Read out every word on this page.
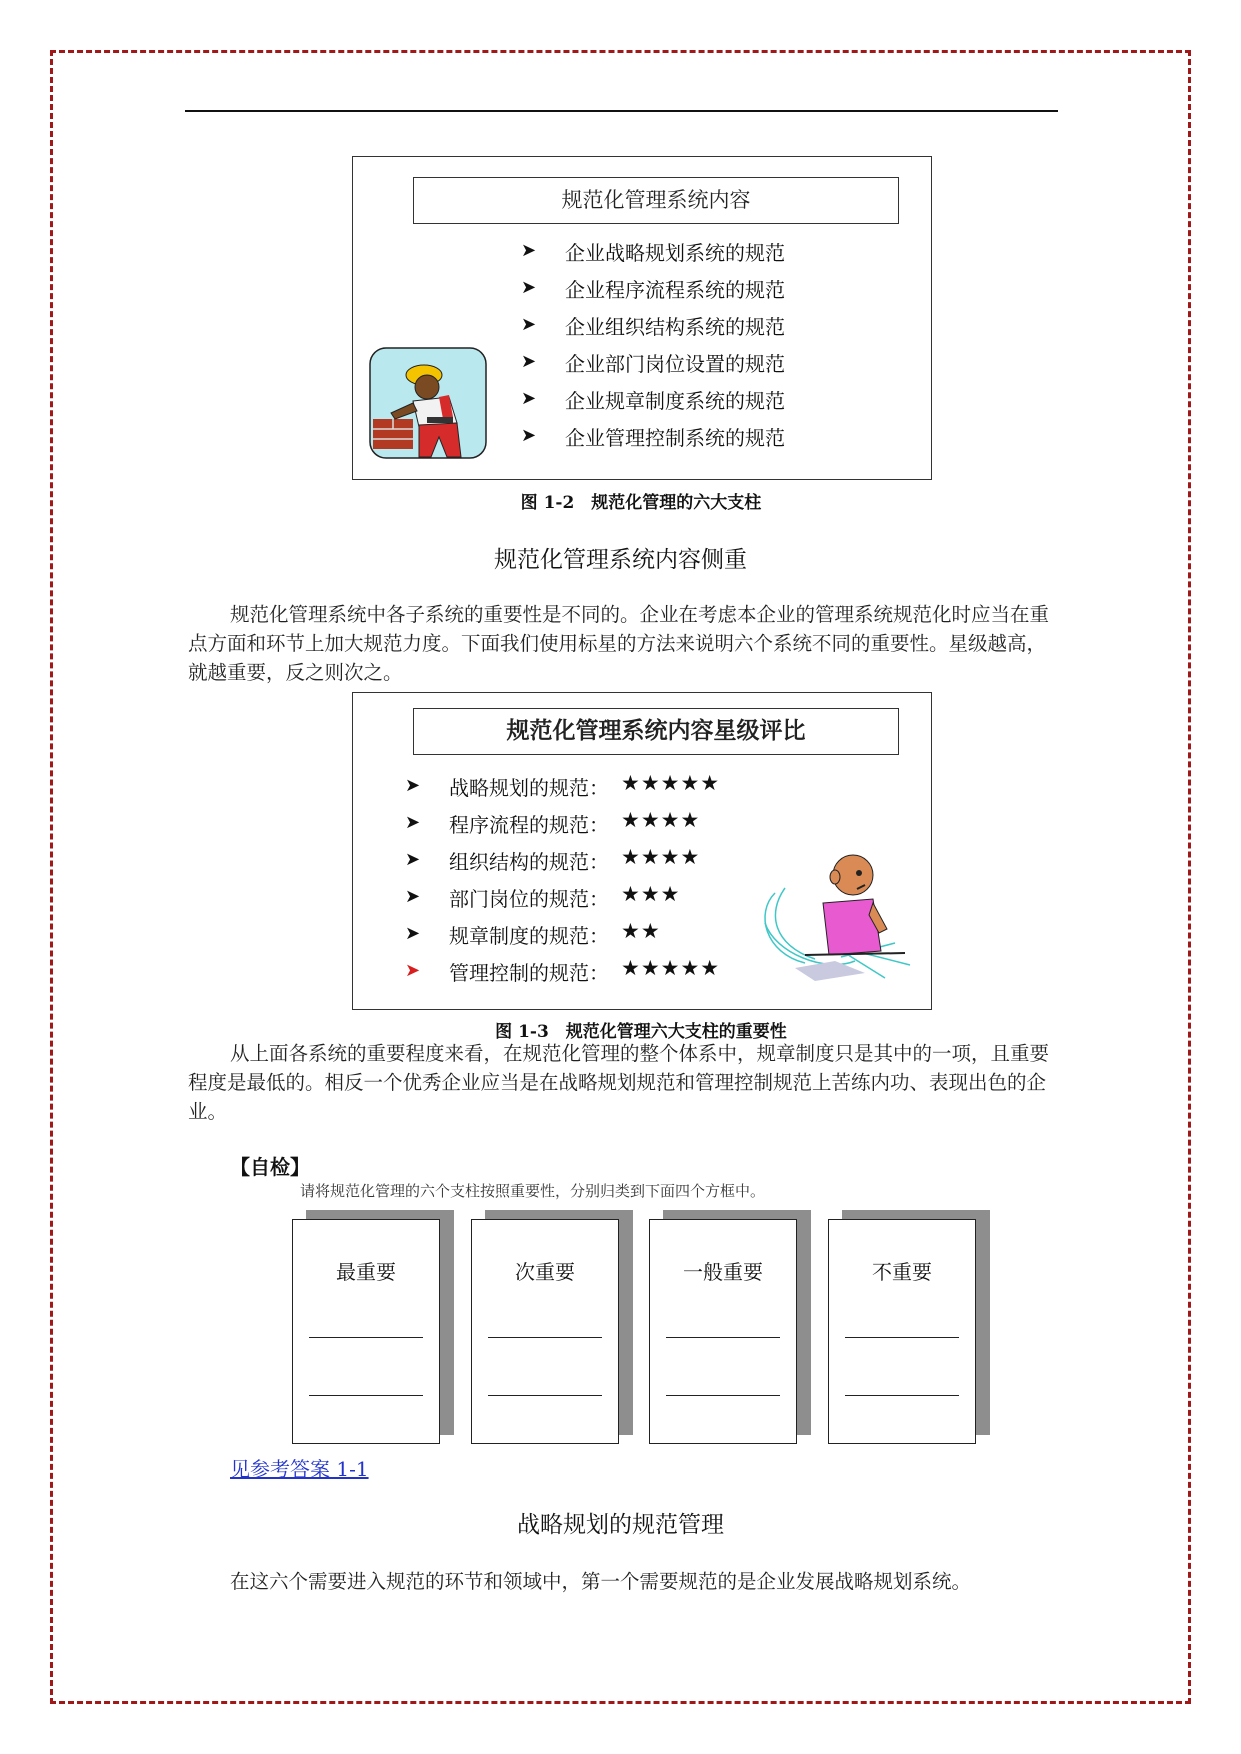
规范化管理系统内容
➤ 企业战略规划系统的规范
➤ 企业程序流程系统的规范
➤ 企业组织结构系统的规范
➤ 企业部门岗位设置的规范
➤ 企业规章制度系统的规范
➤ 企业管理控制系统的规范
图 1-2　规范化管理的六大支柱
规范化管理系统内容侧重

规范化管理系统中各子系统的重要性是不同的。企业在考虑本企业的管理系统规范化时应当在重点方面和环节上加大规范力度。下面我们使用标星的方法来说明六个系统不同的重要性。星级越高，就越重要，反之则次之。

规范化管理系统内容星级评比
➤ 战略规划的规范： ★★★★★
➤ 程序流程的规范： ★★★★
➤ 组织结构的规范： ★★★★
➤ 部门岗位的规范： ★★★
➤ 规章制度的规范： ★★
➤ 管理控制的规范： ★★★★★
图 1-3　规范化管理六大支柱的重要性

从上面各系统的重要程度来看，在规范化管理的整个体系中，规章制度只是其中的一项，且重要程度是最低的。相反一个优秀企业应当是在战略规划规范和管理控制规范上苦练内功、表现出色的企业。

【自检】
请将规范化管理的六个支柱按照重要性，分别归类到下面四个方框中。
最重要	次重要	一般重要	不重要
见参考答案 1-1
战略规划的规范管理

在这六个需要进入规范的环节和领域中，第一个需要规范的是企业发展战略规划系统。
